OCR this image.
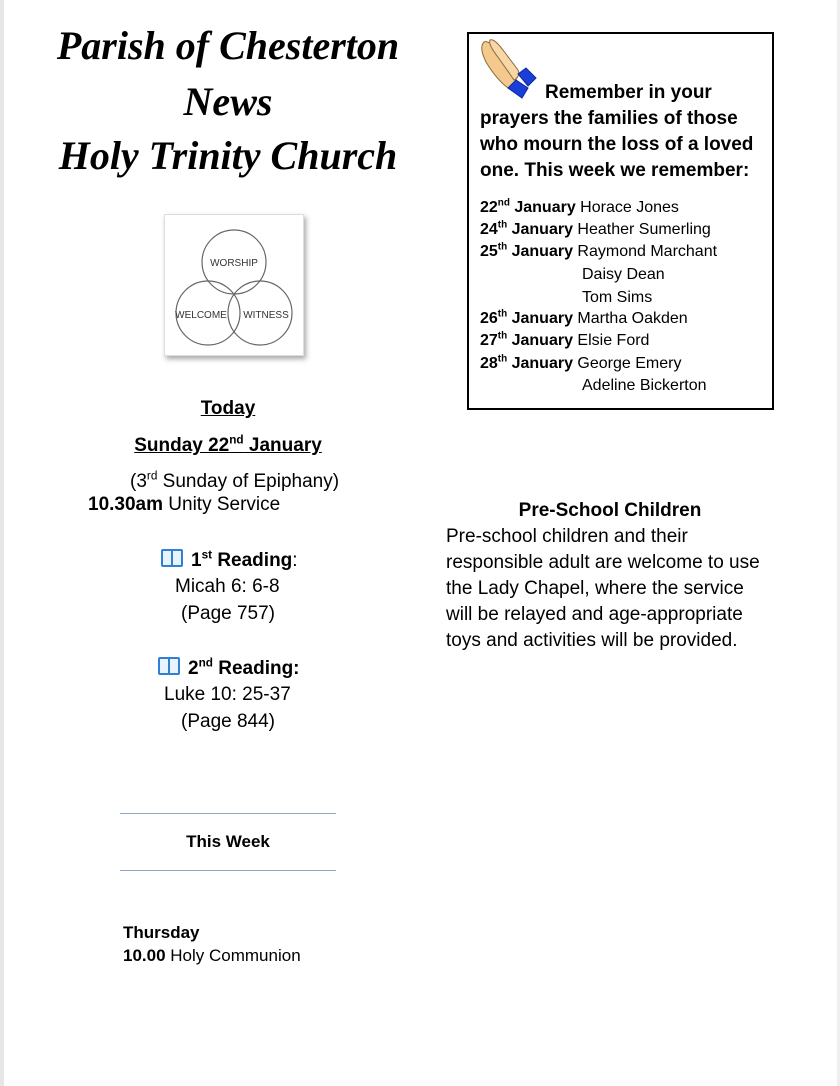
Parish of Chesterton
News
Holy Trinity Church
WORSHIP
WELCOME WITNESS
Today
Sunday 22nd January
(3rd Sunday of Epiphany)
10.30am Unity Service
1st Reading:
Micah 6: 6-8
(Page 757)
2nd Reading:
Luke 10: 25-37
(Page 844)
This Week
Thursday
10.00 Holy Communion
Remember in your
prayers the families of those
who mourn the loss of a loved
one. This week we remember:
22nd January Horace Jones
24th January Heather Sumerling
25th January Raymond Marchant
Daisy Dean
Tom Sims
26th January Martha Oakden
27th January Elsie Ford
28th January George Emery
Adeline Bickerton
Pre-School Children
Pre-school children and their
responsible adult are welcome to use
the Lady Chapel, where the service
will be relayed and age-appropriate
toys and activities will be provided.
